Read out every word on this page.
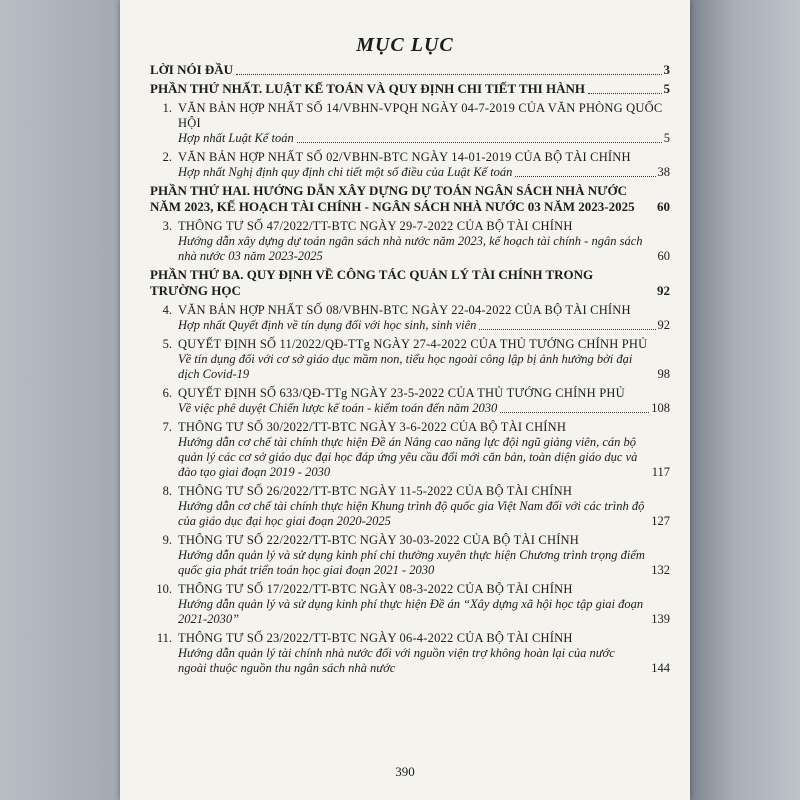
MỤC LỤC
LỜI NÓI ĐẦU	3
PHẦN THỨ NHẤT. LUẬT KẾ TOÁN VÀ QUY ĐỊNH CHI TIẾT THI HÀNH	5
1. VĂN BẢN HỢP NHẤT SỐ 14/VBHN-VPQH NGÀY 04-7-2019 CỦA VĂN PHÒNG QUỐC HỘI
Hợp nhất Luật Kế toán	5
2. VĂN BẢN HỢP NHẤT SỐ 02/VBHN-BTC NGÀY 14-01-2019 CỦA BỘ TÀI CHÍNH
Hợp nhất Nghị định quy định chi tiết một số điều của Luật Kế toán	38
PHẦN THỨ HAI. HƯỚNG DẪN XÂY DỰNG DỰ TOÁN NGÂN SÁCH NHÀ NƯỚC NĂM 2023, KẾ HOẠCH TÀI CHÍNH - NGÂN SÁCH NHÀ NƯỚC 03 NĂM 2023-2025	60
3. THÔNG TƯ SỐ 47/2022/TT-BTC NGÀY 29-7-2022 CỦA BỘ TÀI CHÍNH
Hướng dẫn xây dựng dự toán ngân sách nhà nước năm 2023, kế hoạch tài chính - ngân sách nhà nước 03 năm 2023-2025	60
PHẦN THỨ BA. QUY ĐỊNH VỀ CÔNG TÁC QUẢN LÝ TÀI CHÍNH TRONG TRƯỜNG HỌC	92
4. VĂN BẢN HỢP NHẤT SỐ 08/VBHN-BTC NGÀY 22-04-2022 CỦA BỘ TÀI CHÍNH
Hợp nhất Quyết định về tín dụng đối với học sinh, sinh viên	92
5. QUYẾT ĐỊNH SỐ 11/2022/QĐ-TTg NGÀY 27-4-2022 CỦA THỦ TƯỚNG CHÍNH PHỦ
Về tín dụng đối với cơ sở giáo dục mầm non, tiểu học ngoài công lập bị ảnh hưởng bởi đại dịch Covid-19	98
6. QUYẾT ĐỊNH SỐ 633/QĐ-TTg NGÀY 23-5-2022 CỦA THỦ TƯỚNG CHÍNH PHỦ
Về việc phê duyệt Chiến lược kế toán - kiểm toán đến năm 2030	108
7. THÔNG TƯ SỐ 30/2022/TT-BTC NGÀY 3-6-2022 CỦA BỘ TÀI CHÍNH
Hướng dẫn cơ chế tài chính thực hiện Đề án Nâng cao năng lực đội ngũ giảng viên, cán bộ quản lý các cơ sở giáo dục đại học đáp ứng yêu cầu đổi mới căn bản, toàn diện giáo dục và đào tạo giai đoạn 2019 - 2030	117
8. THÔNG TƯ SỐ 26/2022/TT-BTC NGÀY 11-5-2022 CỦA BỘ TÀI CHÍNH
Hướng dẫn cơ chế tài chính thực hiện Khung trình độ quốc gia Việt Nam đối với các trình độ của giáo dục đại học giai đoạn 2020-2025	127
9. THÔNG TƯ SỐ 22/2022/TT-BTC NGÀY 30-03-2022 CỦA BỘ TÀI CHÍNH
Hướng dẫn quản lý và sử dụng kinh phí chi thường xuyên thực hiện Chương trình trọng điểm quốc gia phát triển toán học giai đoạn 2021 - 2030	132
10. THÔNG TƯ SỐ 17/2022/TT-BTC NGÀY 08-3-2022 CỦA BỘ TÀI CHÍNH
Hướng dẫn quản lý và sử dụng kinh phí thực hiện Đề án “Xây dựng xã hội học tập giai đoạn 2021-2030”	139
11. THÔNG TƯ SỐ 23/2022/TT-BTC NGÀY 06-4-2022 CỦA BỘ TÀI CHÍNH
Hướng dẫn quản lý tài chính nhà nước đối với nguồn viện trợ không hoàn lại của nước ngoài thuộc nguồn thu ngân sách nhà nước	144
390
